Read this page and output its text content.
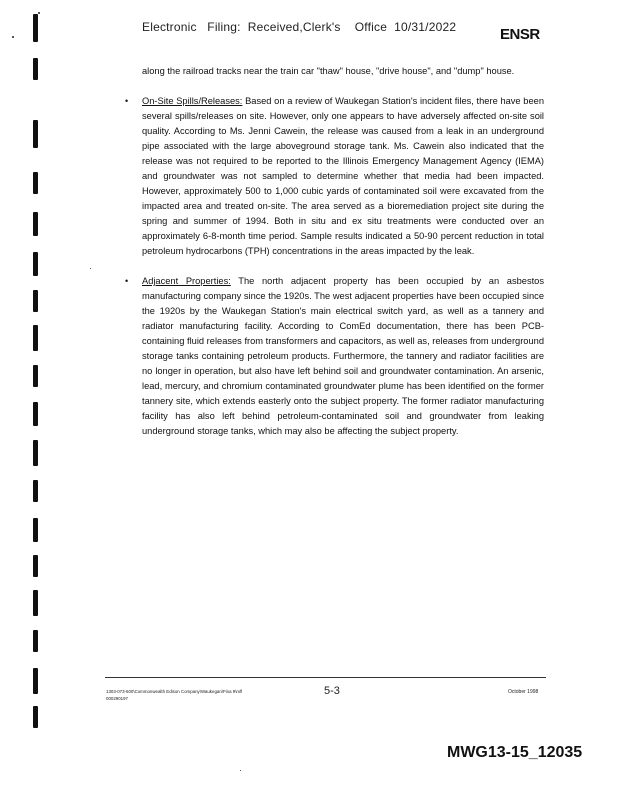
Electronic   Filing:  Received,Clerk's    Office  10/31/2022	ENSR

along the railroad tracks near the train car "thaw" house, "drive house", and "dump" house.

• On-Site Spills/Releases: Based on a review of Waukegan Station's incident files, there have been several spills/releases on site. However, only one appears to have adversely affected on-site soil quality. According to Ms. Jenni Cawein, the release was caused from a leak in an underground pipe associated with the large aboveground storage tank. Ms. Cawein also indicated that the release was not required to be reported to the Illinois Emergency Management Agency (IEMA) and groundwater was not sampled to determine whether that media had been impacted. However, approximately 500 to 1,000 cubic yards of contaminated soil were excavated from the impacted area and treated on-site. The area served as a bioremediation project site during the spring and summer of 1994. Both in situ and ex situ treatments were conducted over an approximately 6-8-month time period. Sample results indicated a 50-90 percent reduction in total petroleum hydrocarbons (TPH) concentrations in the areas impacted by the leak.

• Adjacent Properties: The north adjacent property has been occupied by an asbestos manufacturing company since the 1920s. The west adjacent properties have been occupied since the 1920s by the Waukegan Station's main electrical switch yard, as well as a tannery and radiator manufacturing facility. According to ComEd documentation, there has been PCB-containing fluid releases from transformers and capacitors, as well as, releases from underground storage tanks containing petroleum products. Furthermore, the tannery and radiator facilities are no longer in operation, but also have left behind soil and groundwater contamination. An arsenic, lead, mercury, and chromium contaminated groundwater plume has been identified on the former tannery site, which extends easterly onto the subject property. The former radiator manufacturing facility has also left behind petroleum-contaminated soil and groundwater from leaking underground storage tanks, which may also be affecting the subject property.

1303-073-600\Commonwealth Edison Company\Waukegan\Fina 9\mfl
000290197
5-3	October 1998
MWG13-15_12035
